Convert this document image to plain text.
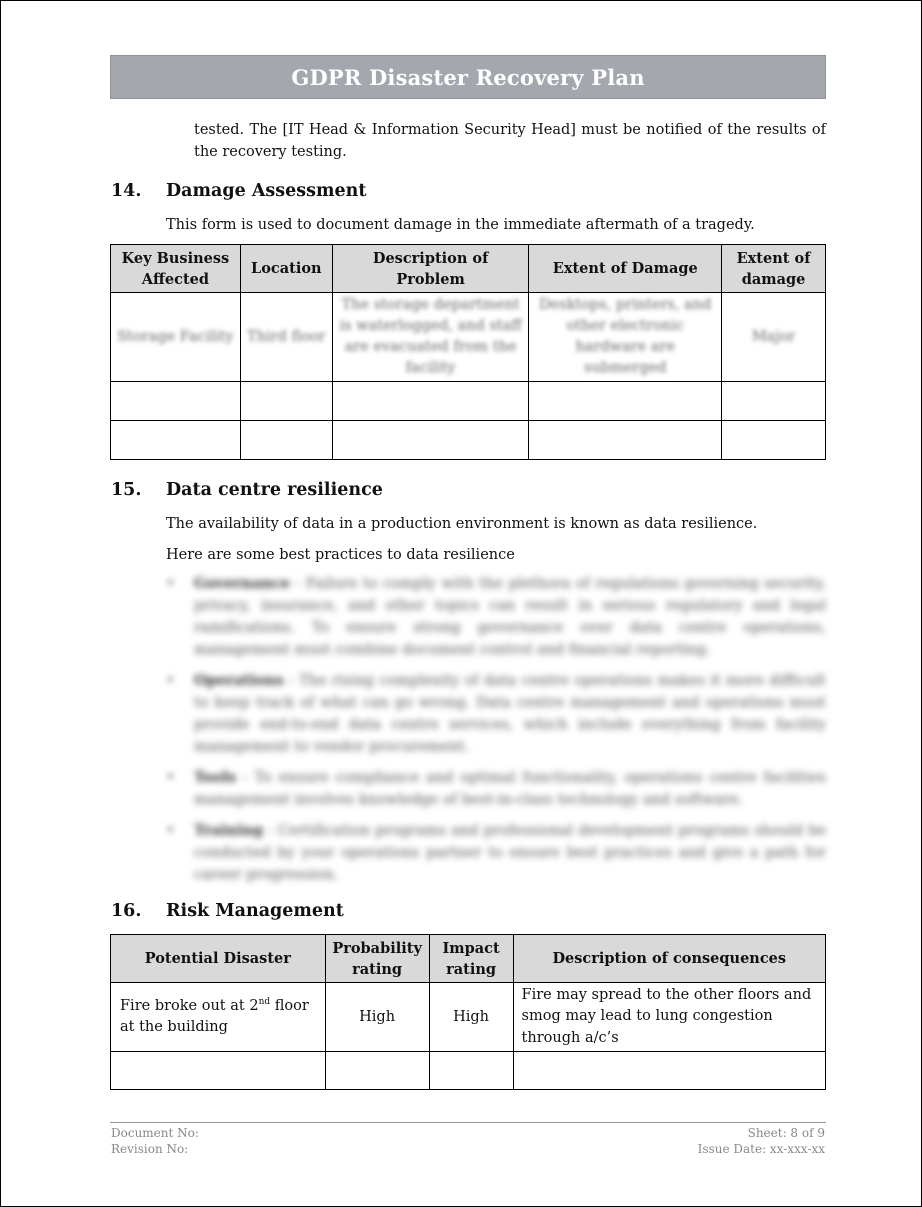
GDPR Disaster Recovery Plan
tested. The [IT Head & Information Security Head] must be notified of the results of the recovery testing.
14.	Damage Assessment
This form is used to document damage in the immediate aftermath of a tragedy.
Key Business Affected	Location	Description of Problem	Extent of Damage	Extent of damage
Storage Facility	Third floor	The storage department is waterlogged, and staff are evacuated from the facility	Desktops, printers, and other electronic hardware are submerged	Major

15.	Data centre resilience
The availability of data in a production environment is known as data resilience.
Here are some best practices to data resilience
•	Governance - Failure to comply with the plethora of regulations governing security, privacy, insurance, and other topics can result in serious regulatory and legal ramifications. To ensure strong governance over data centre operations, management must combine document control and financial reporting.
•	Operations - The rising complexity of data centre operations makes it more difficult to keep track of what can go wrong. Data centre management and operations must provide end-to-end data centre services, which include everything from facility management to vendor procurement.
•	Tools - To ensure compliance and optimal functionality, operations centre facilities management involves knowledge of best-in-class technology and software.
•	Training - Certification programs and professional development programs should be conducted by your operations partner to ensure best practices and give a path for career progression.
16.	Risk Management
Potential Disaster	Probability rating	Impact rating	Description of consequences
Fire broke out at 2nd floor at the building	High	High	Fire may spread to the other floors and smog may lead to lung congestion through a/c’s

Document No:
Revision No:
Sheet: 8 of 9
Issue Date: xx-xxx-xx
